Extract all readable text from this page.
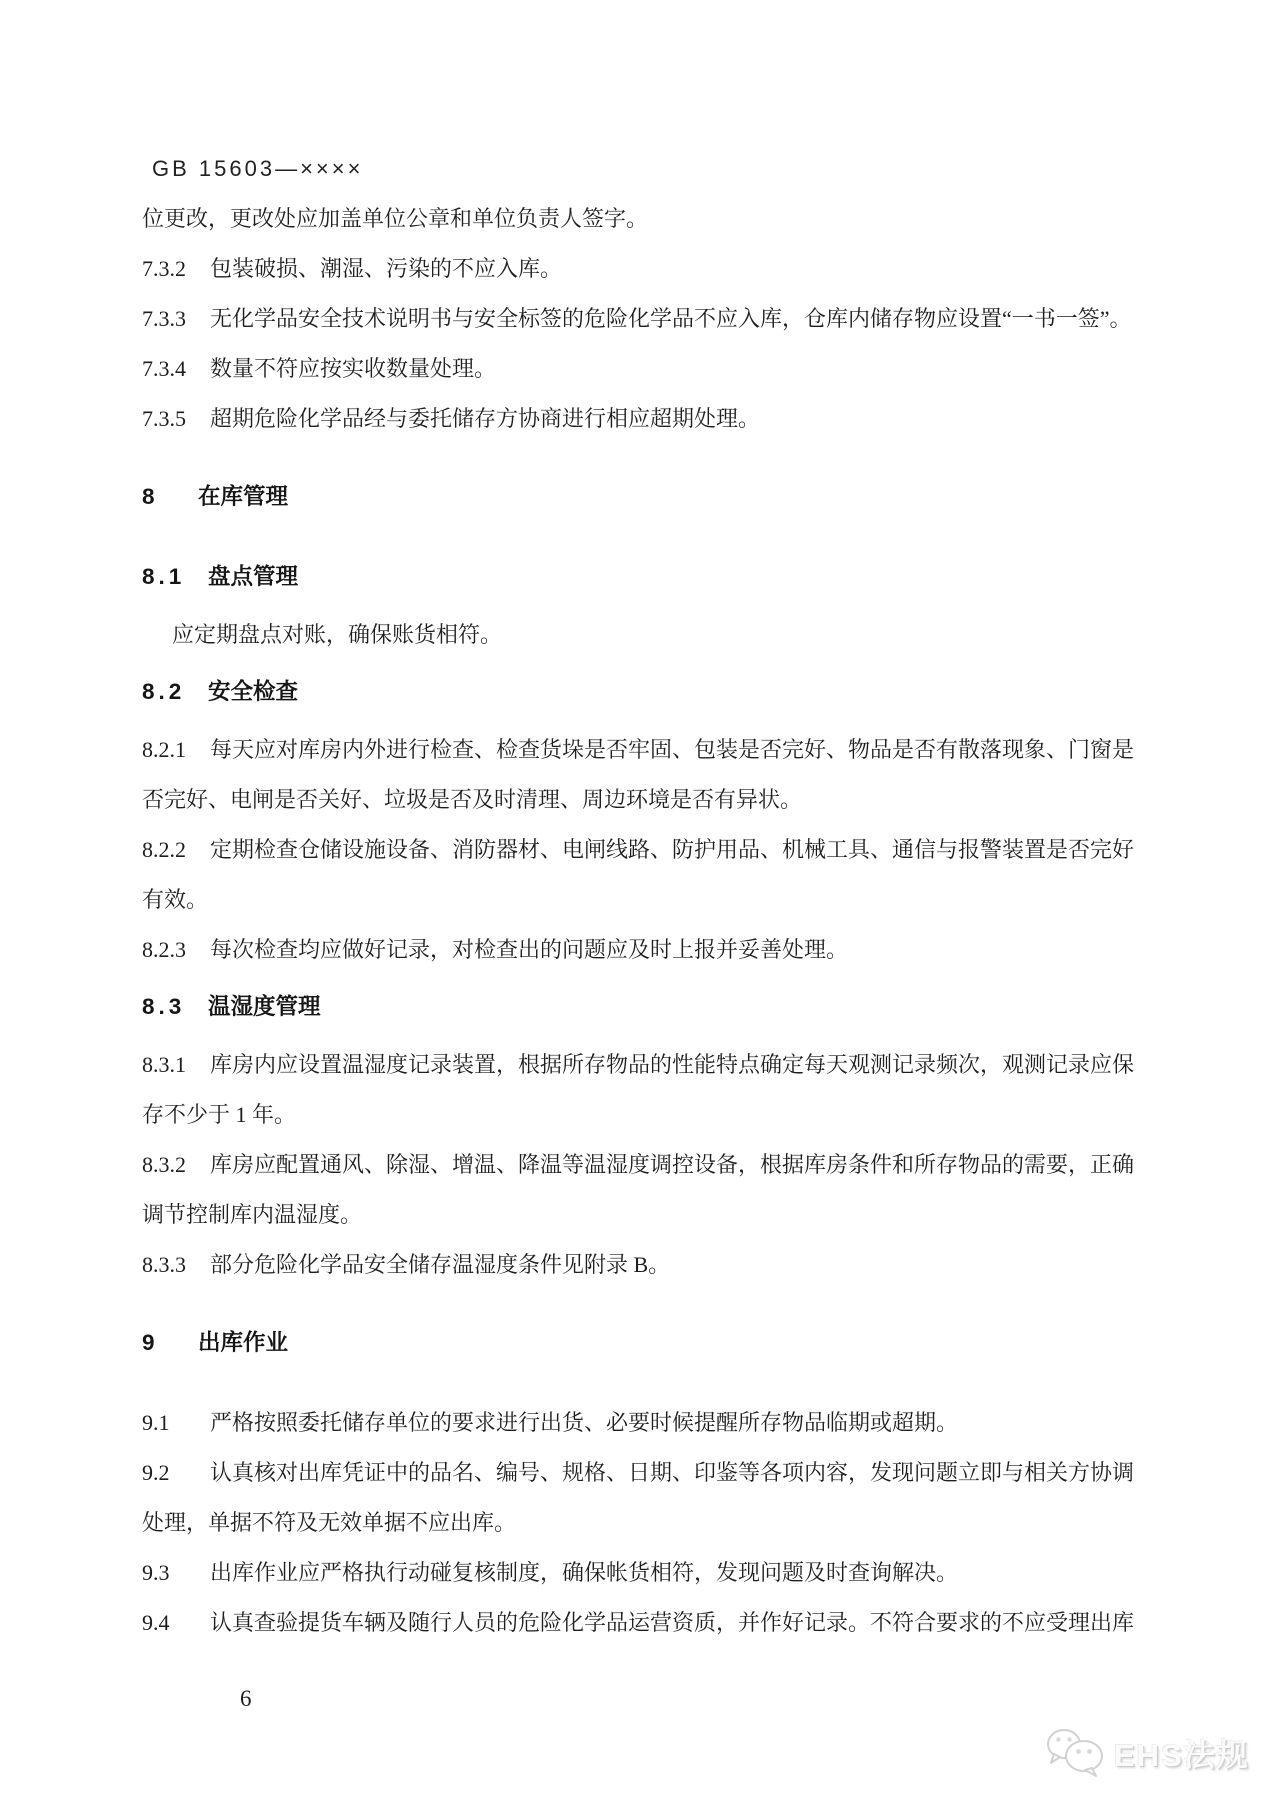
GB 15603—××××

位更改，更改处应加盖单位公章和单位负责人签字。

7.3.2 包装破损、潮湿、污染的不应入库。

7.3.3 无化学品安全技术说明书与安全标签的危险化学品不应入库，仓库内储存物应设置“一书一签”。

7.3.4 数量不符应按实收数量处理。

7.3.5 超期危险化学品经与委托储存方协商进行相应超期处理。

8 在库管理

8.1 盘点管理

应定期盘点对账，确保账货相符。

8.2 安全检查

8.2.1 每天应对库房内外进行检查、检查货垛是否牢固、包装是否完好、物品是否有散落现象、门窗是
否完好、电闸是否关好、垃圾是否及时清理、周边环境是否有异状。

8.2.2 定期检查仓储设施设备、消防器材、电闸线路、防护用品、机械工具、通信与报警装置是否完好
有效。

8.2.3 每次检查均应做好记录，对检查出的问题应及时上报并妥善处理。

8.3 温湿度管理

8.3.1 库房内应设置温湿度记录装置，根据所存物品的性能特点确定每天观测记录频次，观测记录应保
存不少于 1 年。

8.3.2 库房应配置通风、除湿、增温、降温等温湿度调控设备，根据库房条件和所存物品的需要，正确
调节控制库内温湿度。

8.3.3 部分危险化学品安全储存温湿度条件见附录 B。

9 出库作业

9.1 严格按照委托储存单位的要求进行出货、必要时候提醒所存物品临期或超期。

9.2 认真核对出库凭证中的品名、编号、规格、日期、印鉴等各项内容，发现问题立即与相关方协调
处理，单据不符及无效单据不应出库。

9.3 出库作业应严格执行动碰复核制度，确保帐货相符，发现问题及时查询解决。

9.4 认真查验提货车辆及随行人员的危险化学品运营资质，并作好记录。不符合要求的不应受理出库

6
EHS法规
